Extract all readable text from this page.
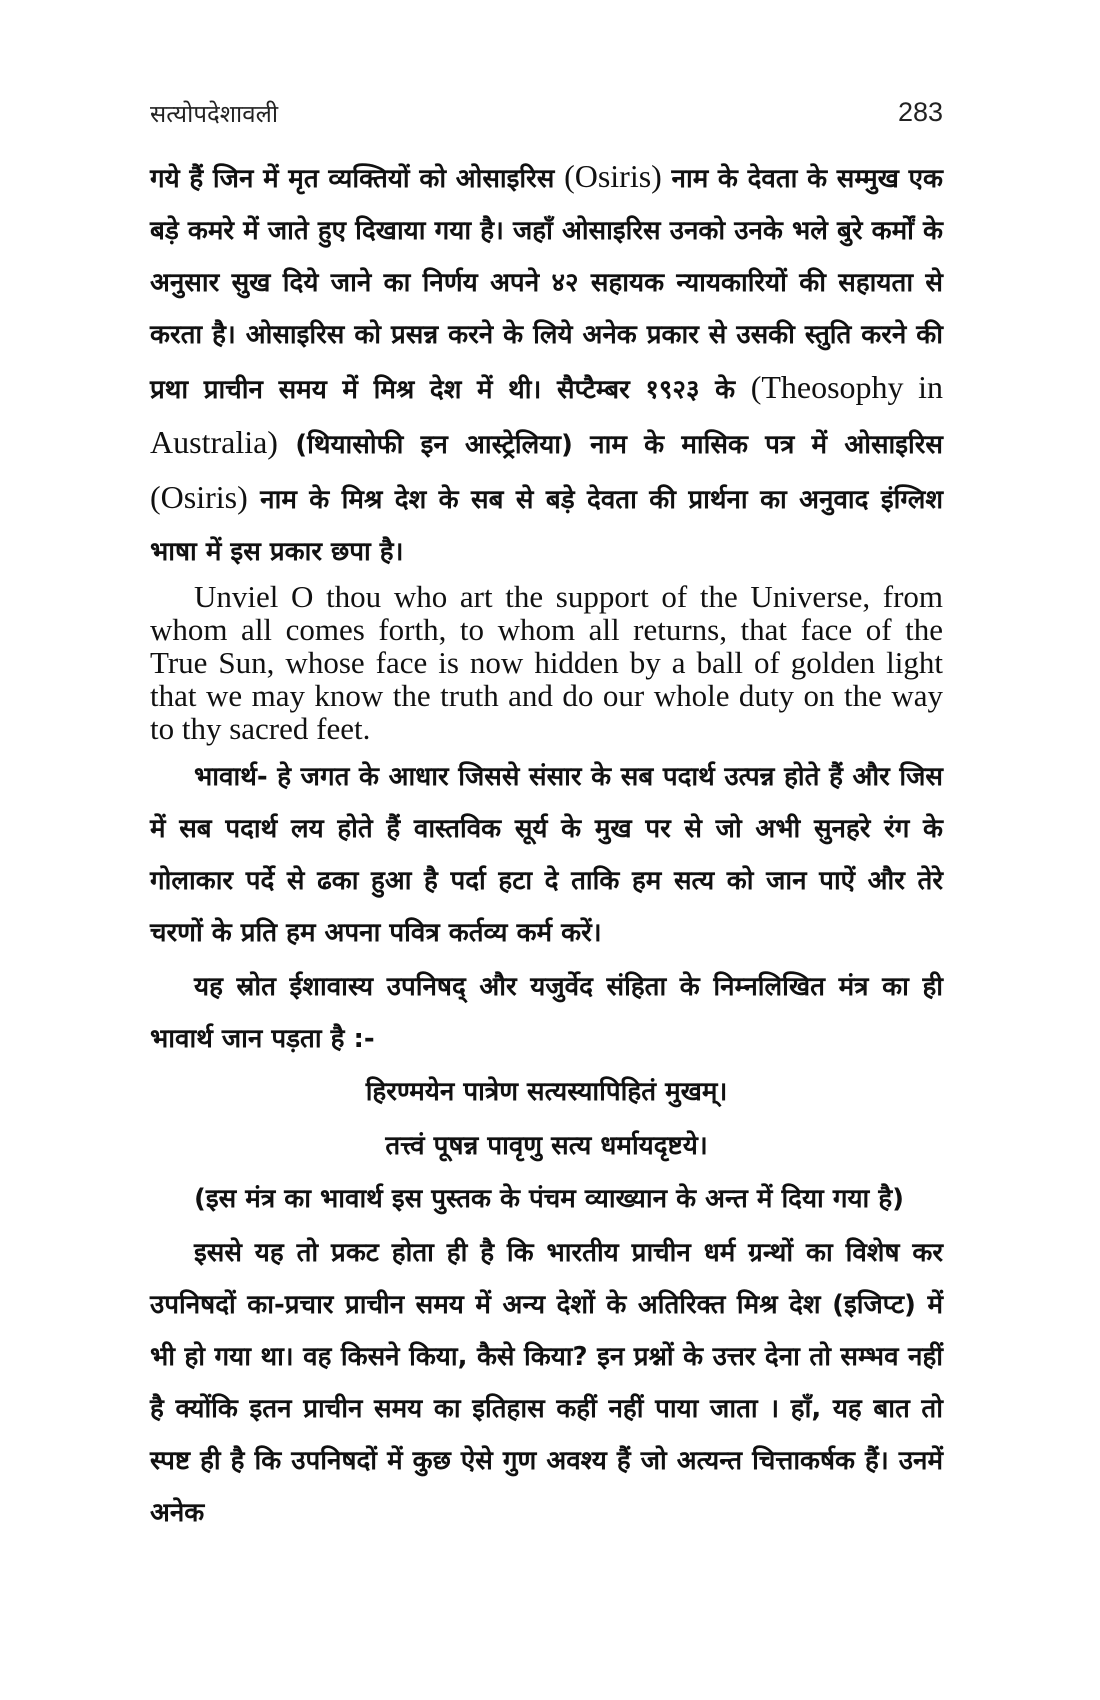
सत्योपदेशावली	283

गये हैं जिन में मृत व्यक्तियों को ओसाइरिस (Osiris) नाम के देवता के सम्मुख एक बड़े कमरे में जाते हुए दिखाया गया है। जहाँ ओसाइरिस उनको उनके भले बुरे कर्मों के अनुसार सुख दिये जाने का निर्णय अपने ४२ सहायक न्यायकारियों की सहायता से करता है। ओसाइरिस को प्रसन्न करने के लिये अनेक प्रकार से उसकी स्तुति करने की प्रथा प्राचीन समय में मिश्र देश में थी। सैप्टैम्बर १९२३ के (Theosophy in Australia) (थियासोफी इन आस्ट्रेलिया) नाम के मासिक पत्र में ओसाइरिस (Osiris) नाम के मिश्र देश के सब से बड़े देवता की प्रार्थना का अनुवाद इंग्लिश भाषा में इस प्रकार छपा है।

Unviel O thou who art the support of the Universe, from whom all comes forth, to whom all returns, that face of the True Sun, whose face is now hidden by a ball of golden light that we may know the truth and do our whole duty on the way to thy sacred feet.

भावार्थ- हे जगत के आधार जिससे संसार के सब पदार्थ उत्पन्न होते हैं और जिस में सब पदार्थ लय होते हैं वास्तविक सूर्य के मुख पर से जो अभी सुनहरे रंग के गोलाकार पर्दे से ढका हुआ है पर्दा हटा दे ताकि हम सत्य को जान पाऐं और तेरे चरणों के प्रति हम अपना पवित्र कर्तव्य कर्म करें।

यह स्रोत ईशावास्य उपनिषद् और यजुर्वेद संहिता के निम्नलिखित मंत्र का ही भावार्थ जान पड़ता है :-

हिरण्मयेन पात्रेण सत्यस्यापिहितं मुखम्।

तत्त्वं पूषन्न पावृणु सत्य धर्मायदृष्टये।

(इस मंत्र का भावार्थ इस पुस्तक के पंचम व्याख्यान के अन्त में दिया गया है)

इससे यह तो प्रकट होता ही है कि भारतीय प्राचीन धर्म ग्रन्थों का विशेष कर उपनिषदों का-प्रचार प्राचीन समय में अन्य देशों के अतिरिक्त मिश्र देश (इजिप्ट) में भी हो गया था। वह किसने किया, कैसे किया? इन प्रश्नों के उत्तर देना तो सम्भव नहीं है क्योंकि इतन प्राचीन समय का इतिहास कहीं नहीं पाया जाता । हाँ, यह बात तो स्पष्ट ही है कि उपनिषदों में कुछ ऐसे गुण अवश्य हैं जो अत्यन्त चित्ताकर्षक हैं। उनमें अनेक
